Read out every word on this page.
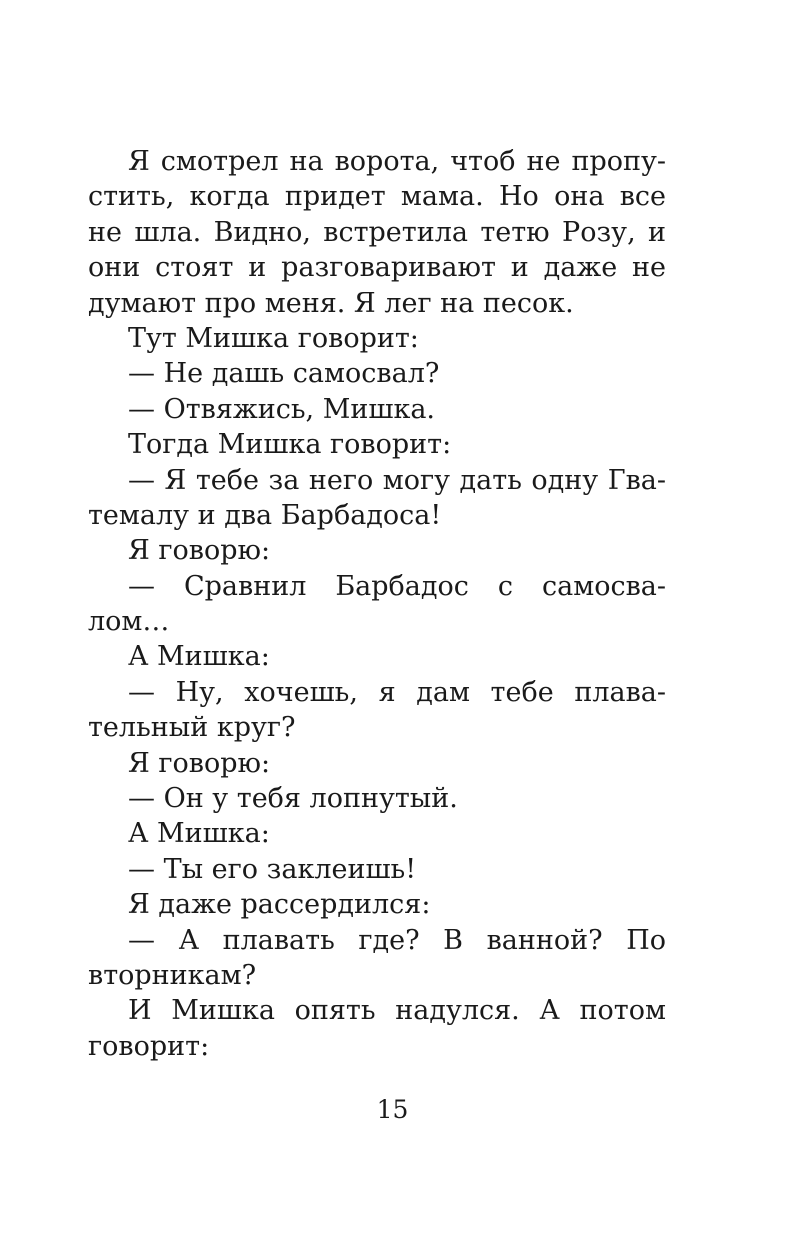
Я смотрел на ворота, чтоб не пропу-
стить, когда придет мама. Но она все
не шла. Видно, встретила тетю Розу, и
они стоят и разговаривают и даже не
думают про меня. Я лег на песок.
Тут Мишка говорит:
— Не дашь самосвал?
— Отвяжись, Мишка.
Тогда Мишка говорит:
— Я тебе за него могу дать одну Гва-
темалу и два Барбадоса!
Я говорю:
— Сравнил Барбадос с самосва-
лом…
А Мишка:
— Ну, хочешь, я дам тебе плава-
тельный круг?
Я говорю:
— Он у тебя лопнутый.
А Мишка:
— Ты его заклеишь!
Я даже рассердился:
— А плавать где? В ванной? По
вторникам?
И Мишка опять надулся. А потом
говорит:
15
